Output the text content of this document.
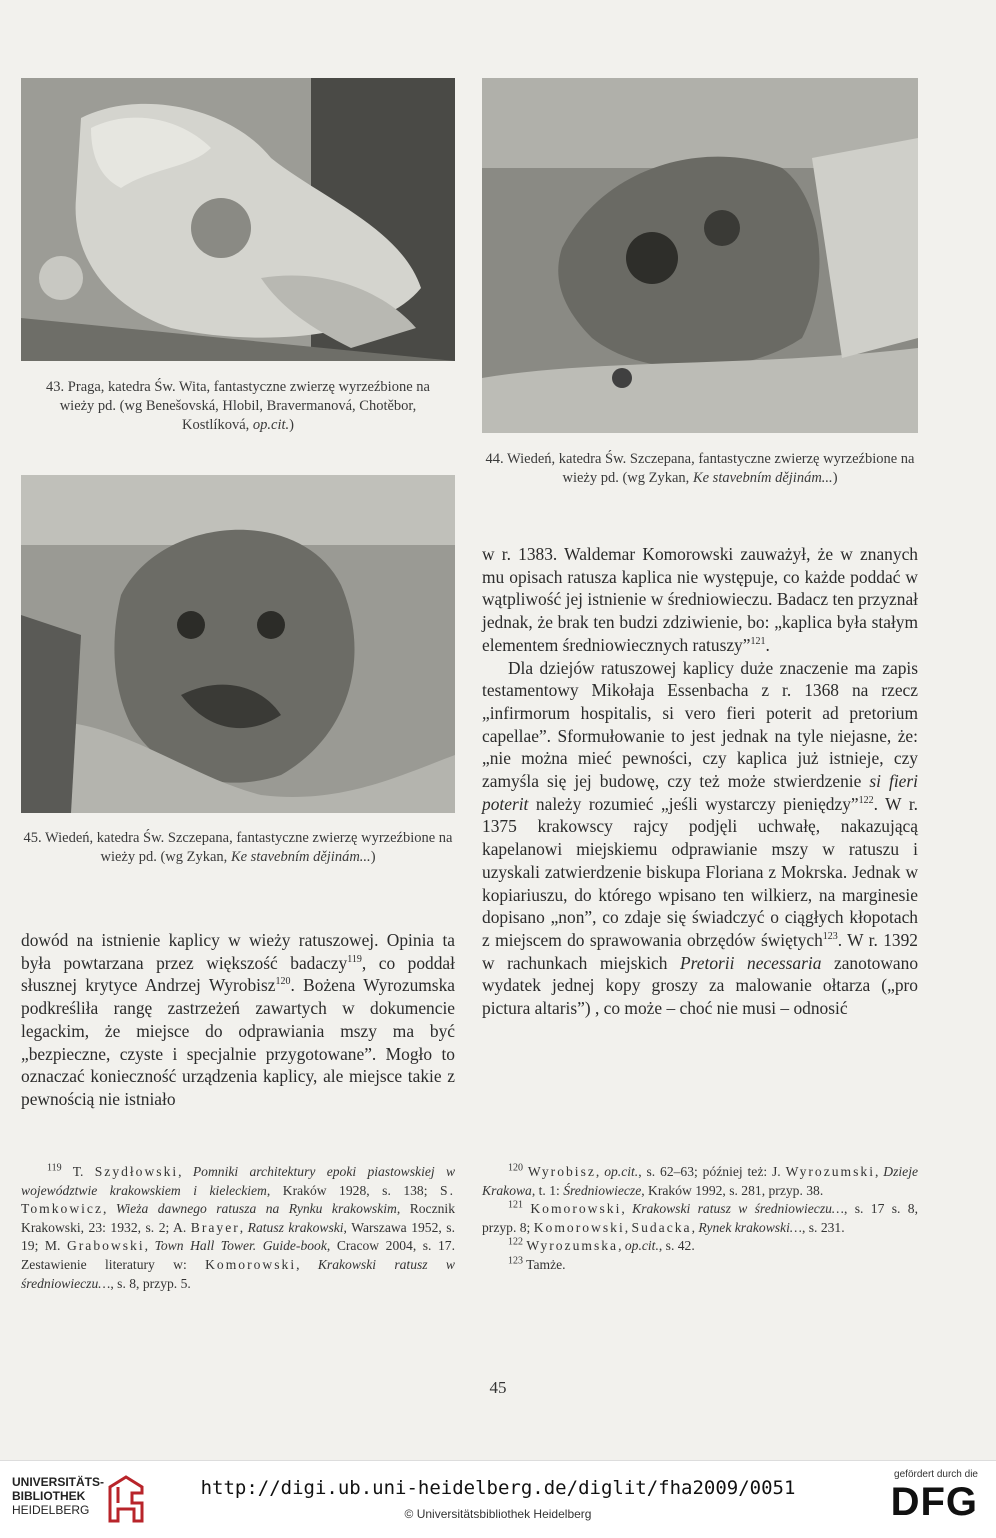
43. Praga, katedra Św. Wita, fantastyczne zwierzę wyrzeźbione na wieży pd. (wg Benešovská, Hlobil, Bravermanová, Chotěbor, Kostlíková, op.cit.)
44. Wiedeń, katedra Św. Szczepana, fantastyczne zwierzę wyrzeźbione na wieży pd. (wg Zykan, Ke stavebním dějinám...)
45. Wiedeń, katedra Św. Szczepana, fantastyczne zwierzę wyrzeźbione na wieży pd. (wg Zykan, Ke stavebním dějinám...)

w r. 1383. Waldemar Komorowski zauważył, że w znanych mu opisach ratusza kaplica nie występuje, co każde poddać w wątpliwość jej istnienie w średniowieczu. Badacz ten przyznał jednak, że brak ten budzi zdziwienie, bo: „kaplica była stałym elementem średniowiecznych ratuszy”$^{121}$.

Dla dziejów ratuszowej kaplicy duże znaczenie ma zapis testamentowy Mikołaja Essenbacha z r. 1368 na rzecz „infirmorum hospitalis, si vero fieri poterit ad pretorium capellae”. Sformułowanie to jest jednak na tyle niejasne, że: „nie można mieć pewności, czy kaplica już istnieje, czy zamyśla się jej budowę, czy też może stwierdzenie si fieri poterit należy rozumieć „jeśli wystarczy pieniędzy”$^{122}$. W r. 1375 krakowscy rajcy podjęli uchwałę, nakazującą kapelanowi miejskiemu odprawianie mszy w ratuszu i uzyskali zatwierdzenie biskupa Floriana z Mokrska. Jednak w kopiariuszu, do którego wpisano ten wilkierz, na marginesie dopisano „non”, co zdaje się świadczyć o ciągłych kłopotach z miejscem do sprawowania obrzędów świętych$^{123}$. W r. 1392 w rachunkach miejskich Pretorii necessaria zanotowano wydatek jednej kopy groszy za malowanie ołtarza („pro pictura altaris”) , co może – choć nie musi – odnosić

dowód na istnienie kaplicy w wieży ratuszowej. Opinia ta była powtarzana przez większość badaczy$^{119}$, co poddał słusznej krytyce Andrzej Wyrobisz$^{120}$. Bożena Wyrozumska podkreśliła rangę zastrzeżeń zawartych w dokumencie legackim, że miejsce do odprawiania mszy ma być „bezpieczne, czyste i specjalnie przygotowane”. Mogło to oznaczać konieczność urządzenia kaplicy, ale miejsce takie z pewnością nie istniało

$^{119}$ T. Szydłowski, Pomniki architektury epoki piastowskiej w województwie krakowskiem i kieleckiem, Kraków 1928, s. 138; S. Tomkowicz, Wieża dawnego ratusza na Rynku krakowskim, Rocznik Krakowski, 23: 1932, s. 2; A. Brayer, Ratusz krakowski, Warszawa 1952, s. 19; M. Grabowski, Town Hall Tower. Guide-book, Cracow 2004, s. 17. Zestawienie literatury w: Komorowski, Krakowski ratusz w średniowieczu…, s. 8, przyp. 5.

$^{120}$ Wyrobisz, op.cit., s. 62–63; później też: J. Wyrozumski, Dzieje Krakowa, t. 1: Średniowiecze, Kraków 1992, s. 281, przyp. 38.

$^{121}$ Komorowski, Krakowski ratusz w średniowieczu…, s. 17 s. 8, przyp. 8; Komorowski, Sudacka, Rynek krakowski…, s. 231.

$^{122}$ Wyrozumska, op.cit., s. 42.

$^{123}$ Tamże.

45
UNIVERSITÄTS-
BIBLIOTHEK
HEIDELBERG
http://digi.ub.uni-heidelberg.de/diglit/fha2009/0051
© Universitätsbibliothek Heidelberg
gefördert durch die
DFG
